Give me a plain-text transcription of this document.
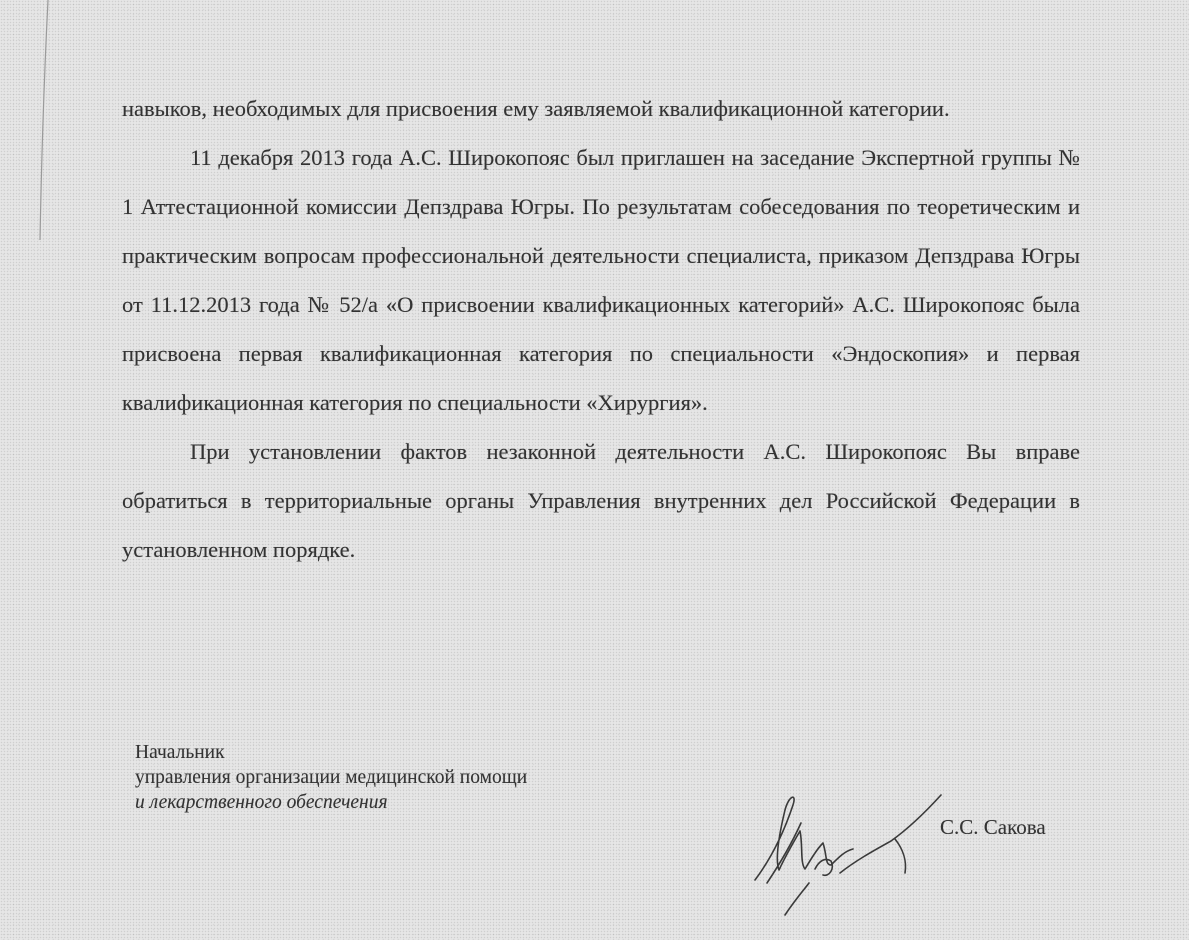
навыков, необходимых для присвоения ему заявляемой квалификационной категории.

11 декабря 2013 года А.С. Широкопояс был приглашен на заседание Экспертной группы № 1 Аттестационной комиссии Депздрава Югры. По результатам собеседования по теоретическим и практическим вопросам профессиональной деятельности специалиста, приказом Депздрава Югры от 11.12.2013 года № 52/а «О присвоении квалификационных категорий» А.С. Широкопояс была присвоена первая квалификационная категория по специальности «Эндоскопия» и первая квалификационная категория по специальности «Хирургия».

При установлении фактов незаконной деятельности А.С. Широкопояс Вы вправе обратиться в территориальные органы Управления внутренних дел Российской Федерации в установленном порядке.

Начальник
управления организации медицинской помощи
и лекарственного обеспечения
С.С. Сакова
